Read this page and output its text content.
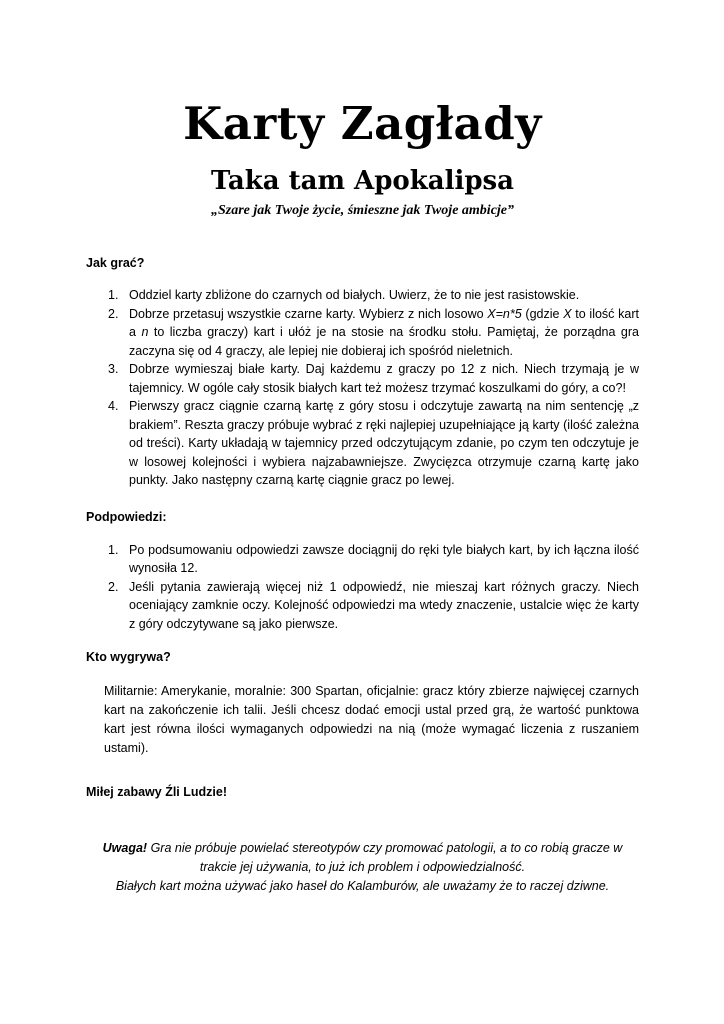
Karty Zagłady
Taka tam Apokalipsa

„Szare jak Twoje życie, śmieszne jak Twoje ambicje”

Jak grać?

1. Oddziel karty zbliżone do czarnych od białych. Uwierz, że to nie jest rasistowskie.
2. Dobrze przetasuj wszystkie czarne karty. Wybierz z nich losowo X=n*5 (gdzie X to ilość kart a n to liczba graczy) kart i ułóż je na stosie na środku stołu. Pamiętaj, że porządna gra zaczyna się od 4 graczy, ale lepiej nie dobieraj ich spośród nieletnich.
3. Dobrze wymieszaj białe karty. Daj każdemu z graczy po 12 z nich. Niech trzymają je w tajemnicy. W ogóle cały stosik białych kart też możesz trzymać koszulkami do góry, a co?!
4. Pierwszy gracz ciągnie czarną kartę z góry stosu i odczytuje zawartą na nim sentencję „z brakiem”. Reszta graczy próbuje wybrać z ręki najlepiej uzupełniające ją karty (ilość zależna od treści). Karty układają w tajemnicy przed odczytującym zdanie, po czym ten odczytuje je w losowej kolejności i wybiera najzabawniejsze. Zwycięzca otrzymuje czarną kartę jako punkty. Jako następny czarną kartę ciągnie gracz po lewej.

Podpowiedzi:

1. Po podsumowaniu odpowiedzi zawsze dociągnij do ręki tyle białych kart, by ich łączna ilość wynosiła 12.
2. Jeśli pytania zawierają więcej niż 1 odpowiedź, nie mieszaj kart różnych graczy. Niech oceniający zamknie oczy. Kolejność odpowiedzi ma wtedy znaczenie, ustalcie więc że karty z góry odczytywane są jako pierwsze.

Kto wygrywa?

Militarnie: Amerykanie, moralnie: 300 Spartan, oficjalnie: gracz który zbierze najwięcej czarnych kart na zakończenie ich talii. Jeśli chcesz dodać emocji ustal przed grą, że wartość punktowa kart jest równa ilości wymaganych odpowiedzi na nią (może wymagać liczenia z ruszaniem ustami).

Miłej zabawy Źli Ludzie!

Uwaga! Gra nie próbuje powielać stereotypów czy promować patologii, a to co robią gracze w trakcie jej używania, to już ich problem i odpowiedzialność.
Białych kart można używać jako haseł do Kalamburów, ale uważamy że to raczej dziwne.
